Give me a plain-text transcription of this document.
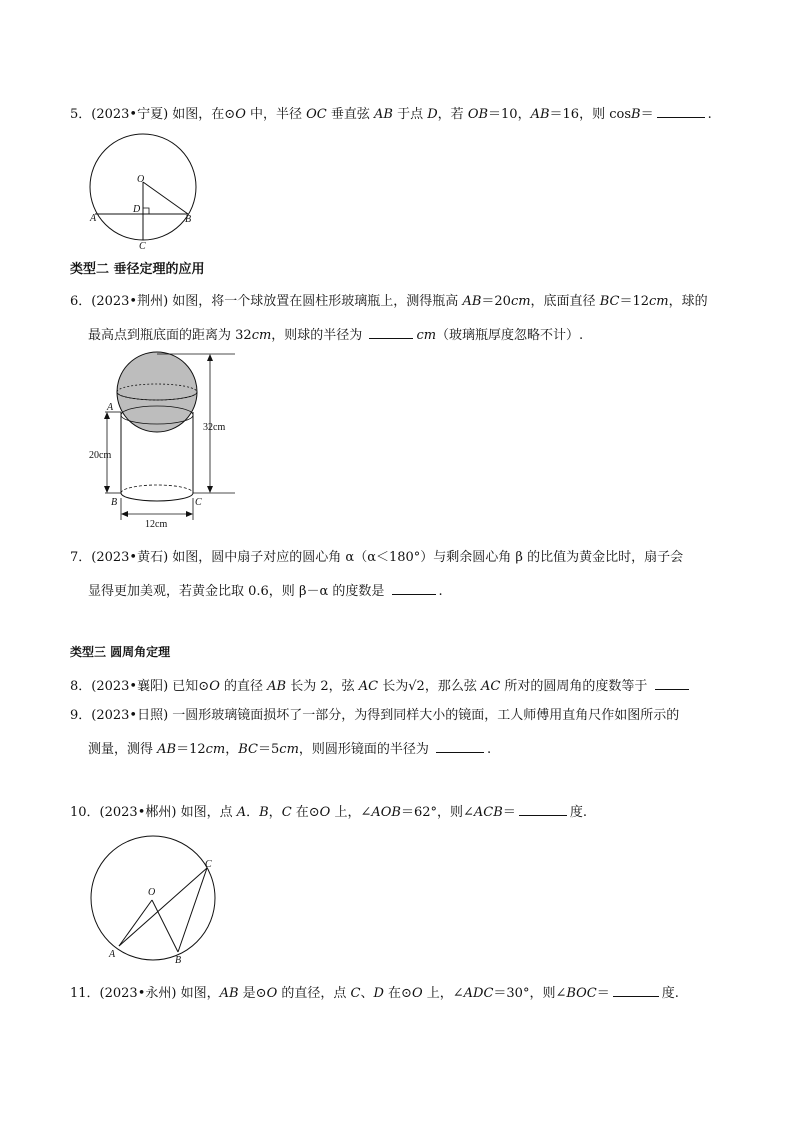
5．(2023•宁夏) 如图，在⊙O 中，半径 OC 垂直弦 AB 于点 D，若 OB＝10，AB＝16，则 cosB＝	.
O
D
A	B
C
类型二 垂径定理的应用
6．(2023•荆州) 如图，将一个球放置在圆柱形玻璃瓶上，测得瓶高 AB＝20cm，底面直径 BC＝12cm，球的
最高点到瓶底面的距离为 32cm，则球的半径为	cm（玻璃瓶厚度忽略不计）.
A
B	C
20cm
32cm
12cm
7．(2023•黄石) 如图，圆中扇子对应的圆心角 α（α＜180°）与剩余圆心角 β 的比值为黄金比时，扇子会
显得更加美观，若黄金比取 0.6，则 β－α 的度数是	.
类型三 圆周角定理
8．(2023•襄阳) 已知⊙O 的直径 AB 长为 2，弦 AC 长为√2，那么弦 AC 所对的圆周角的度数等于
9．(2023•日照) 一圆形玻璃镜面损坏了一部分，为得到同样大小的镜面，工人师傅用直角尺作如图所示的
测量，测得 AB＝12cm，BC＝5cm，则圆形镜面的半径为	.
10．(2023•郴州) 如图，点 A．B，C 在⊙O 上，∠AOB＝62°，则∠ACB＝	度.
O
C
A
B
11．(2023•永州) 如图，AB 是⊙O 的直径，点 C、D 在⊙O 上，∠ADC＝30°，则∠BOC＝	度.
